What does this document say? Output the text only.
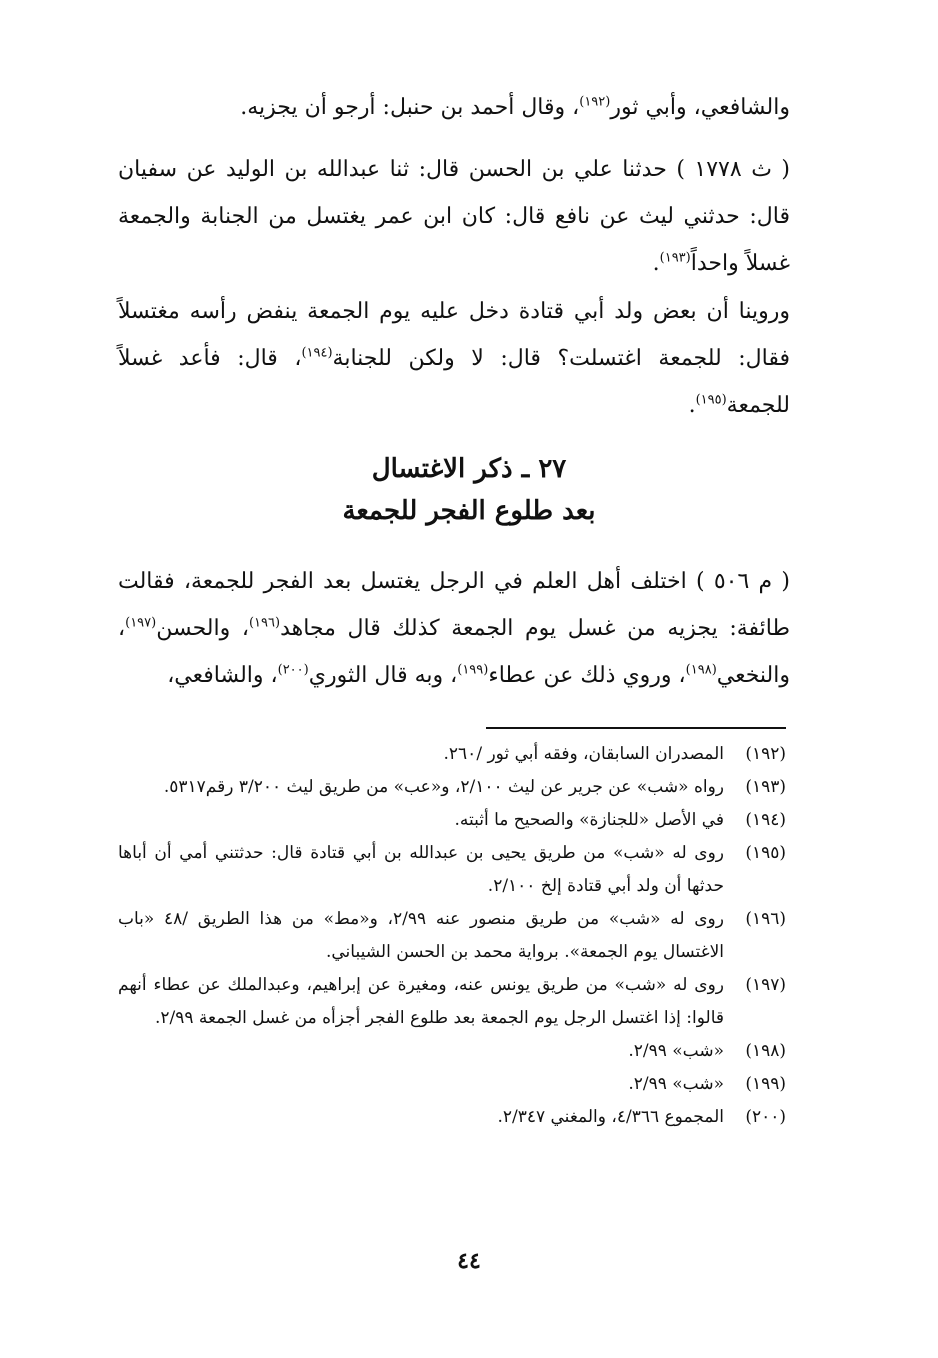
والشافعي، وأبي ثور$^{(١٩٢)}$، وقال أحمد بن حنبل: أرجو أن يجزيه.

( ث ١٧٧٨ ) حدثنا علي بن الحسن قال: ثنا عبدالله بن الوليد عن سفيان قال: حدثني ليث عن نافع قال: كان ابن عمر يغتسل من الجنابة والجمعة غسلاً واحداً$^{(١٩٣)}$.

وروينا أن بعض ولد أبي قتادة دخل عليه يوم الجمعة ينفض رأسه مغتسلاً فقال: للجمعة اغتسلت؟ قال: لا ولكن للجنابة$^{(١٩٤)}$، قال: فأعد غسلاً للجمعة$^{(١٩٥)}$.

٢٧ ـ ذكر الاغتسال
بعد طلوع الفجر للجمعة

( م ٥٠٦ ) اختلف أهل العلم في الرجل يغتسل بعد الفجر للجمعة، فقالت طائفة: يجزيه من غسل يوم الجمعة كذلك قال مجاهد$^{(١٩٦)}$، والحسن$^{(١٩٧)}$، والنخعي$^{(١٩٨)}$، وروي ذلك عن عطاء$^{(١٩٩)}$، وبه قال الثوري$^{(٢٠٠)}$، والشافعي،

(١٩٢)
المصدران السابقان، وفقه أبي ثور /٢٦٠.
(١٩٣)
رواه «شب» عن جرير عن ليث ٢/١٠٠، و«عب» من طريق ليث ٣/٢٠٠ رقم٥٣١٧.
(١٩٤)
في الأصل «للجنازة» والصحيح ما أثبته.
(١٩٥)
روى له «شب» من طريق يحيى بن عبدالله بن أبي قتادة قال: حدثتني أمي أن أباها حدثها أن ولد أبي قتادة إلخ ٢/١٠٠.
(١٩٦)
روى له «شب» من طريق منصور عنه ٢/٩٩، و«مط» من هذا الطريق /٤٨ «باب الاغتسال يوم الجمعة». برواية محمد بن الحسن الشيباني.
(١٩٧)
روى له «شب» من طريق يونس عنه، ومغيرة عن إبراهيم، وعبدالملك عن عطاء أنهم قالوا: إذا اغتسل الرجل يوم الجمعة بعد طلوع الفجر أجزأه من غسل الجمعة ٢/٩٩.
(١٩٨)
«شب» ٢/٩٩.
(١٩٩)
«شب» ٢/٩٩.
(٢٠٠)
المجموع ٤/٣٦٦، والمغني ٢/٣٤٧.
٤٤
